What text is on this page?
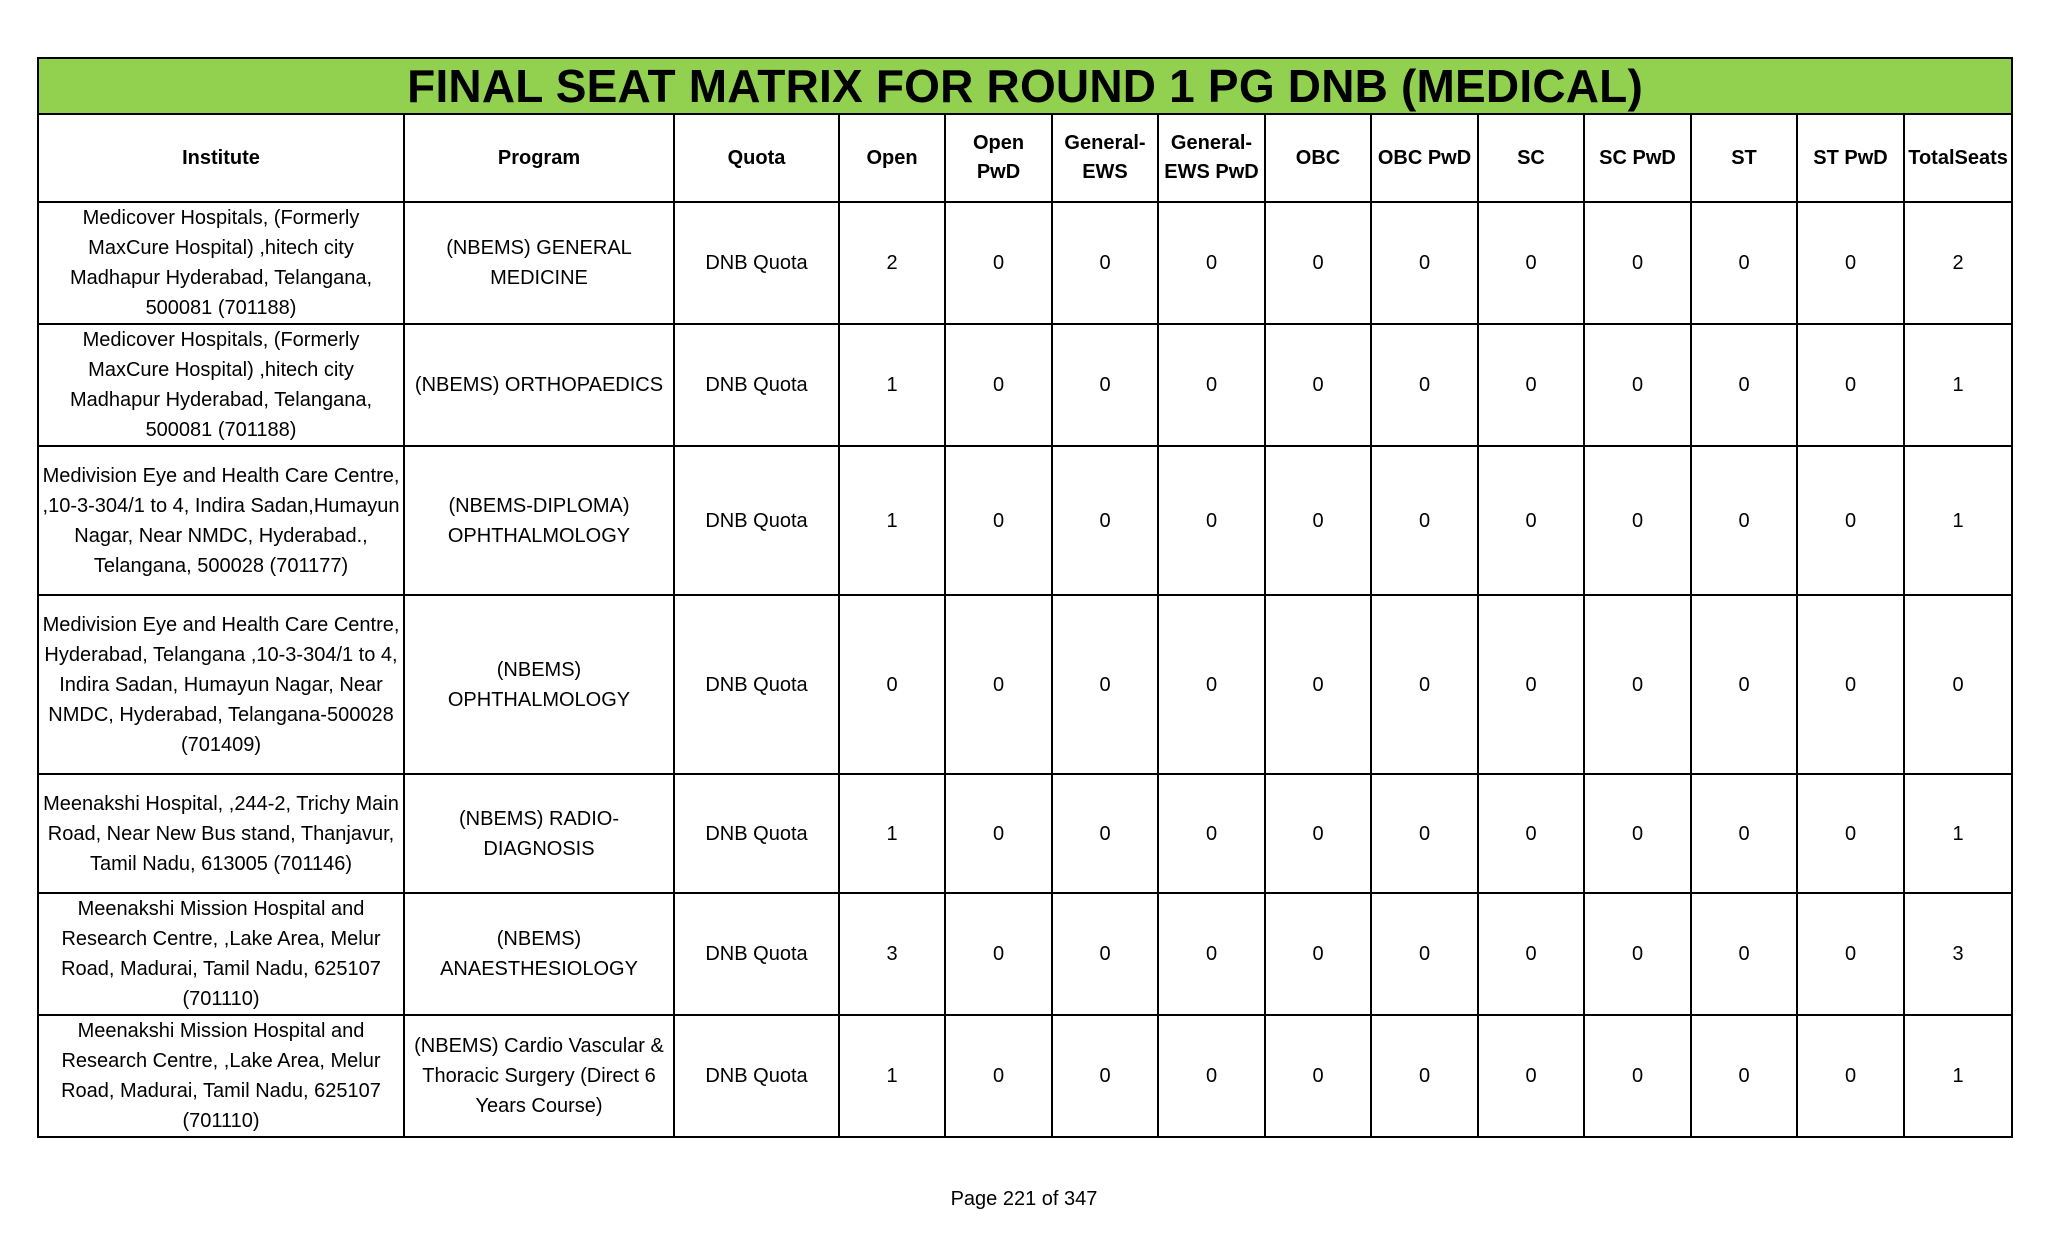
FINAL SEAT MATRIX FOR ROUND 1 PG DNB (MEDICAL)													
Institute	Program	Quota	Open	Open PwD	General-EWS	General-EWS PwD	OBC	OBC PwD	SC	SC PwD	ST	ST PwD	TotalSeats
Medicover Hospitals, (Formerly MaxCure Hospital) ,hitech city Madhapur Hyderabad, Telangana, 500081 (701188)	(NBEMS) GENERAL MEDICINE	DNB Quota	2	0	0	0	0	0	0	0	0	0	2
Medicover Hospitals, (Formerly MaxCure Hospital) ,hitech city Madhapur Hyderabad, Telangana, 500081 (701188)	(NBEMS) ORTHOPAEDICS	DNB Quota	1	0	0	0	0	0	0	0	0	0	1
Medivision Eye and Health Care Centre, ,10-3-304/1 to 4, Indira Sadan,Humayun Nagar, Near NMDC, Hyderabad., Telangana, 500028 (701177)	(NBEMS-DIPLOMA) OPHTHALMOLOGY	DNB Quota	1	0	0	0	0	0	0	0	0	0	1
Medivision Eye and Health Care Centre, Hyderabad, Telangana ,10-3-304/1 to 4, Indira Sadan, Humayun Nagar, Near NMDC, Hyderabad, Telangana-500028 (701409)	(NBEMS) OPHTHALMOLOGY	DNB Quota	0	0	0	0	0	0	0	0	0	0	0
Meenakshi Hospital, ,244-2, Trichy Main Road, Near New Bus stand, Thanjavur, Tamil Nadu, 613005 (701146)	(NBEMS) RADIO-DIAGNOSIS	DNB Quota	1	0	0	0	0	0	0	0	0	0	1
Meenakshi Mission Hospital and Research Centre, ,Lake Area, Melur Road, Madurai, Tamil Nadu, 625107 (701110)	(NBEMS) ANAESTHESIOLOGY	DNB Quota	3	0	0	0	0	0	0	0	0	0	3
Meenakshi Mission Hospital and Research Centre, ,Lake Area, Melur Road, Madurai, Tamil Nadu, 625107 (701110)	(NBEMS) Cardio Vascular & Thoracic Surgery (Direct 6 Years Course)	DNB Quota	1	0	0	0	0	0	0	0	0	0	1
Page 221 of 347
